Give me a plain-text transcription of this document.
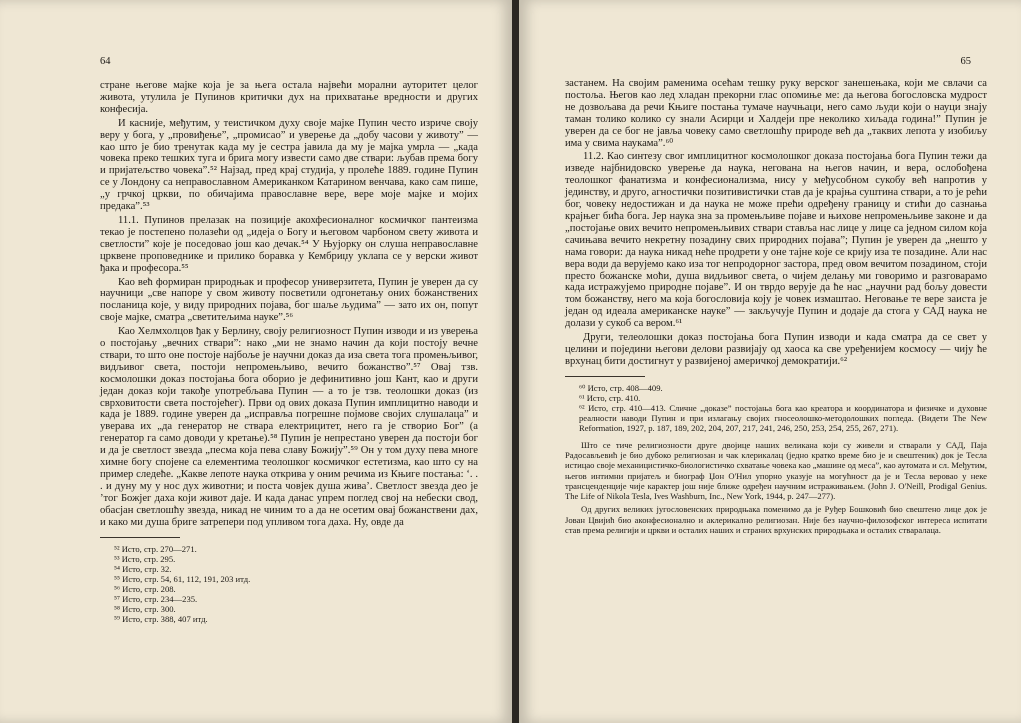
64

стране његове мајке која је за њега остала највећи морални ауторитет целог живота, утулила је Пупинов критички дух на прихватање вредности и других конфесија.

И касније, међутим, у теистичком духу своје мајке Пупин често изриче своју веру у бога, у „провиђење”, „промисао” и уверење да „добу часови у животу” — као што је био тренутак када му је сестра јавила да му је мајка умрла — „када човека преко тешких туга и брига могу извести само две ствари: љубав према богу и пријатељство човека”.⁵² Најзад, пред крај студија, у пролеће 1889. године Пупин се у Лондону са неправославном Американком Катарином венчава, како сам пише, „у грчкој цркви, по обичајима православне вере, вере моје мајке и мојих предака”.⁵³

11.1. Пупинов прелазак на позиције акохфесионалног космичког пантеизма текао је постепено полазећи од „идеја о Богу и његовом чарбоном свету живота и светлости” које је поседовао још као дечак.⁵⁴ У Њујорку он слуша неправославне црквене проповеднике и прилико боравка у Кембриџу уклапа се у верски живот ђака и професора.⁵⁵

Као већ формиран природњак и професор универзитета, Пупин је уверен да су научници „све напоре у свом животу посветили одгонетању оних божанствених посланица које, у виду природних појава, бог шаље људима” — зато их он, попут своје мајке, сматра „светитељима науке”.⁵⁶

Као Хелмхолцов ђак у Берлину, своју религиозност Пупин изводи и из уверења о постојању „вечних ствари”: нако „ми не знамо начин да који постоју вечне ствари, то што оне постоје најбоље је научни доказ да иза светa тога промењљивог, видљивог света, постоји непромењљиво, вечито божанство”.⁵⁷ Овај тзв. космолошки доказ постојања бога оборио је дефинитивно још Кант, као и други један доказ који такође употребљава Пупин — а то је тзв. теолошки доказ (из сврховитости света постојећег). Први од ових доказа Пупин имплицитно наводи и када је 1889. године уверен да „исправља погрешне појмове својих слушалаца” и уверава их „да генератор не ствара електрицитет, него га је створио Бог” (а генератор га само доводи у кретање).⁵⁸ Пупин је непрестано уверен да постоји бог и да је светлост звезда „песма која пева славу Божију”.⁵⁹ Он у том духу пева многе химне богу спојене са елементима теолошког космичког естетизма, као што су на пример следеће. „Какве лепоте наука открива у оним речима из Књиге постања: ‘. . . и дуну му у нос дух животни; и поста човјек душа жива’. Светлост звезда део је ’тог Божјег даха који живот даје. И када данас упрем поглед свој на небески свод, обасјан светлошћу звезда, никад не чиним то а да не осетим овај божанствени дах, и како ми душа бриге затрепери под упливом тога даха. Ну, овде да

⁵² Исто, стр. 270—271.
⁵³ Исто, стр. 295.
⁵⁴ Исто, стр. 32.
⁵⁵ Исто, стр. 54, 61, 112, 191, 203 итд.
⁵⁶ Исто, стр. 208.
⁵⁷ Исто, стр. 234—235.
⁵⁸ Исто, стр. 300.
⁵⁹ Исто, стр. 388, 407 итд.
65

застанем. На својим раменима осећам тешку руку верског занешењака, који ме свлачи са постоља. Његов као лед хладан прекорни глас опомиње ме: да његова богословска мудрост не дозвољава да речи Књиге постања тумаче научњаци, него само људи који о науци знају таман толико колико су знали Асирци и Халдеји пре неколико хиљада година!” Пупин је уверен да се бог не јавља човеку само светлошћу природе већ да „таквих лепота у изобиљу има у свима наукама”.⁶⁰

11.2. Као синтезу свог имплицитног космолошког доказа постојања бога Пупин тежи да изведе најбнидовско уверење да наука, негована на његов начин, и вера, ослобођена теолошког фанатизма и конфесионализма, нису у међусобном сукобу већ напротив у јединству, и друго, агностички позитивистички став да је крајња суштина ствари, а то је рећи бог, човеку недостижан и да наука не може прећи одређену границу и стићи до сазнања крајњег бића бога. Јер наука зна за промењљиве појаве и њихове непромењљиве законе и да „постојање ових вечито непромењљивих ствари ставља нас лице у лице са једном силом која сачињава вечито некретну позадину свих природних појава”; Пупин је уверен да „нешто у нама говори: да наука никад неће продрети у оне тајне које се крију иза те позадине. Али нас вера води да верујемо како иза тог непродорног застора, пред овом вечитом позадином, стоји престо божанске моћи, душа видљивог света, о чијем делању ми говоримо и разговарамо када истражујемо природне појаве”. И он тврдо верује да ће нас „научни рад бољу довести том божанству, него ма која богословија коју је човек измаштао. Неговање те вере заиста је један од идеала американске науке” — закључује Пупин и додаје да стога у САД наука не долази у сукоб са вером.⁶¹

Други, телеолошки доказ постојања бога Пупин изводи и када сматра да се свет у целини и поједини његови делови развијају од хаоса ка све уређенијем космосу — чију ће врхунац бити достигнут у развијеној америчкој демократији.⁶²

⁶⁰ Исто, стр. 408—409.
⁶¹ Исто, стр. 410.
⁶² Исто, стр. 410—413. Сличне „доказе” постојања бога као креатора и координатора и физичке и духовне реалности наводи Пупин и при излагању својих гносеолошко-методолошких погледа. (Видети The New Reformation, 1927, р. 187, 189, 202, 204, 207, 217, 241, 246, 250, 253, 254, 255, 267, 271).

Што се тиче религиозности друге двојице наших великана који су живели и стварали у САД, Паја Радосављевић је био дубоко религиозан и чак клерикалац (једно кратко време био је и свештеник) док је Тесла истицао своје механицистичко-биологистичко схватање човека као „машине од меса”, као аутомата и сл. Међутим, његов интимни пријатељ и биограф Џон О'Нил упорно указује на могућност да је и Тесла веровао у неке трансценденције чије карактер још није ближе одређен научним истраживањем. (John J. O'Neill, Prodigal Genius. The Life of Nikola Tesla, Ives Washburn, Inc., New York, 1944, р. 247—277).

Од других великих југословенских природњака поменимо да је Руђер Бошковић био свештено лице док је Јован Цвијић био аконфесионално и аклерикално религиозан. Није без научно-филозофског интереса испитати став према религији и цркви и осталих наших и страних врхунских природњака и осталих стваралаца.
